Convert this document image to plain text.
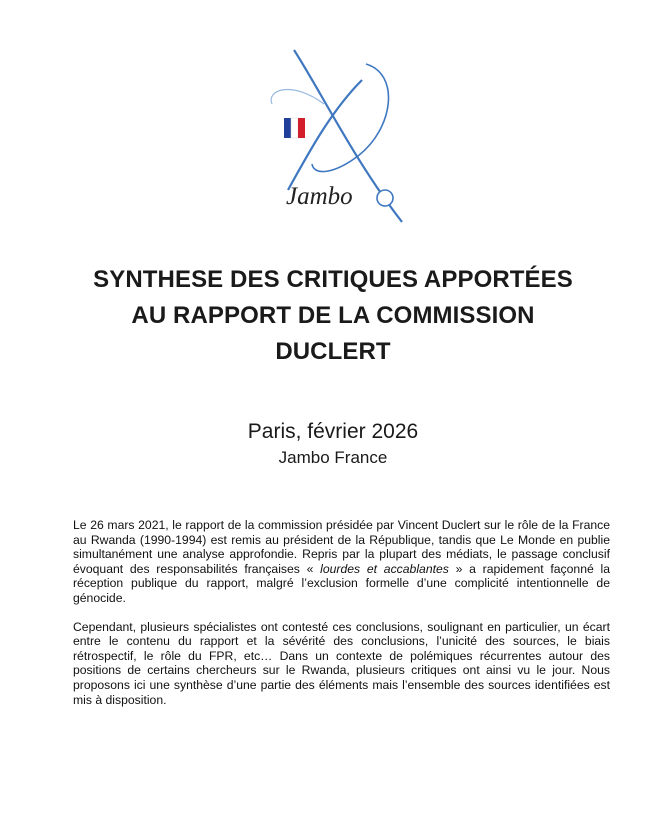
Jambo
SYNTHESE DES CRITIQUES APPORTÉES
AU RAPPORT DE LA COMMISSION
DUCLERT
Paris, février 2026
Jambo France

Le 26 mars 2021, le rapport de la commission présidée par Vincent Duclert sur le rôle de la France au Rwanda (1990-1994) est remis au président de la République, tandis que Le Monde en publie simultanément une analyse approfondie. Repris par la plupart des médiats, le passage conclusif évoquant des responsabilités françaises « lourdes et accablantes » a rapidement façonné la réception publique du rapport, malgré l’exclusion formelle d’une complicité intentionnelle de génocide.

Cependant, plusieurs spécialistes ont contesté ces conclusions, soulignant en particulier, un écart entre le contenu du rapport et la sévérité des conclusions, l’unicité des sources, le biais rétrospectif, le rôle du FPR, etc… Dans un contexte de polémiques récurrentes autour des positions de certains chercheurs sur le Rwanda, plusieurs critiques ont ainsi vu le jour. Nous proposons ici une synthèse d’une partie des éléments mais l’ensemble des sources identifiées est mis à disposition.
